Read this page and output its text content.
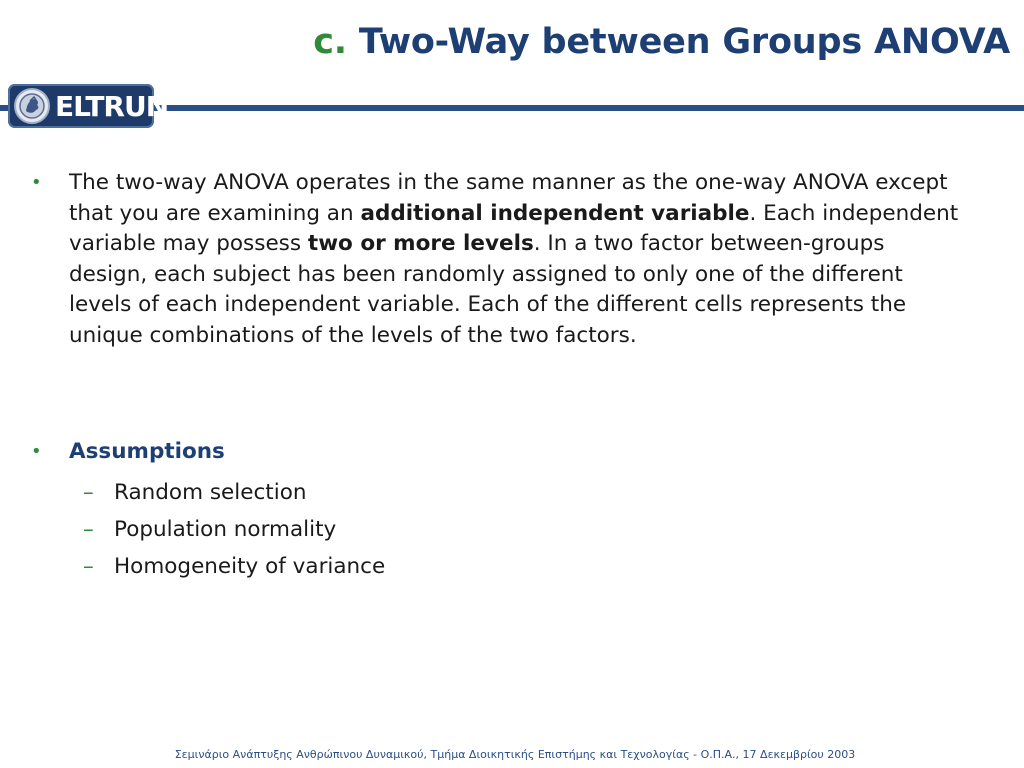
c. Two-Way between Groups ANOVA
ELTRUN
• The two-way ANOVA operates in the same manner as the one-way ANOVA except that you are examining an additional independent variable. Each independent variable may possess two or more levels. In a two factor between-groups design, each subject has been randomly assigned to only one of the different levels of each independent variable. Each of the different cells represents the unique combinations of the levels of the two factors.
• Assumptions
– Random selection
– Population normality
– Homogeneity of variance
Σεμινάριο Ανάπτυξης Ανθρώπινου Δυναμικού, Τμήμα Διοικητικής Επιστήμης και Τεχνολογίας - Ο.Π.Α., 17 Δεκεμβρίου 2003
